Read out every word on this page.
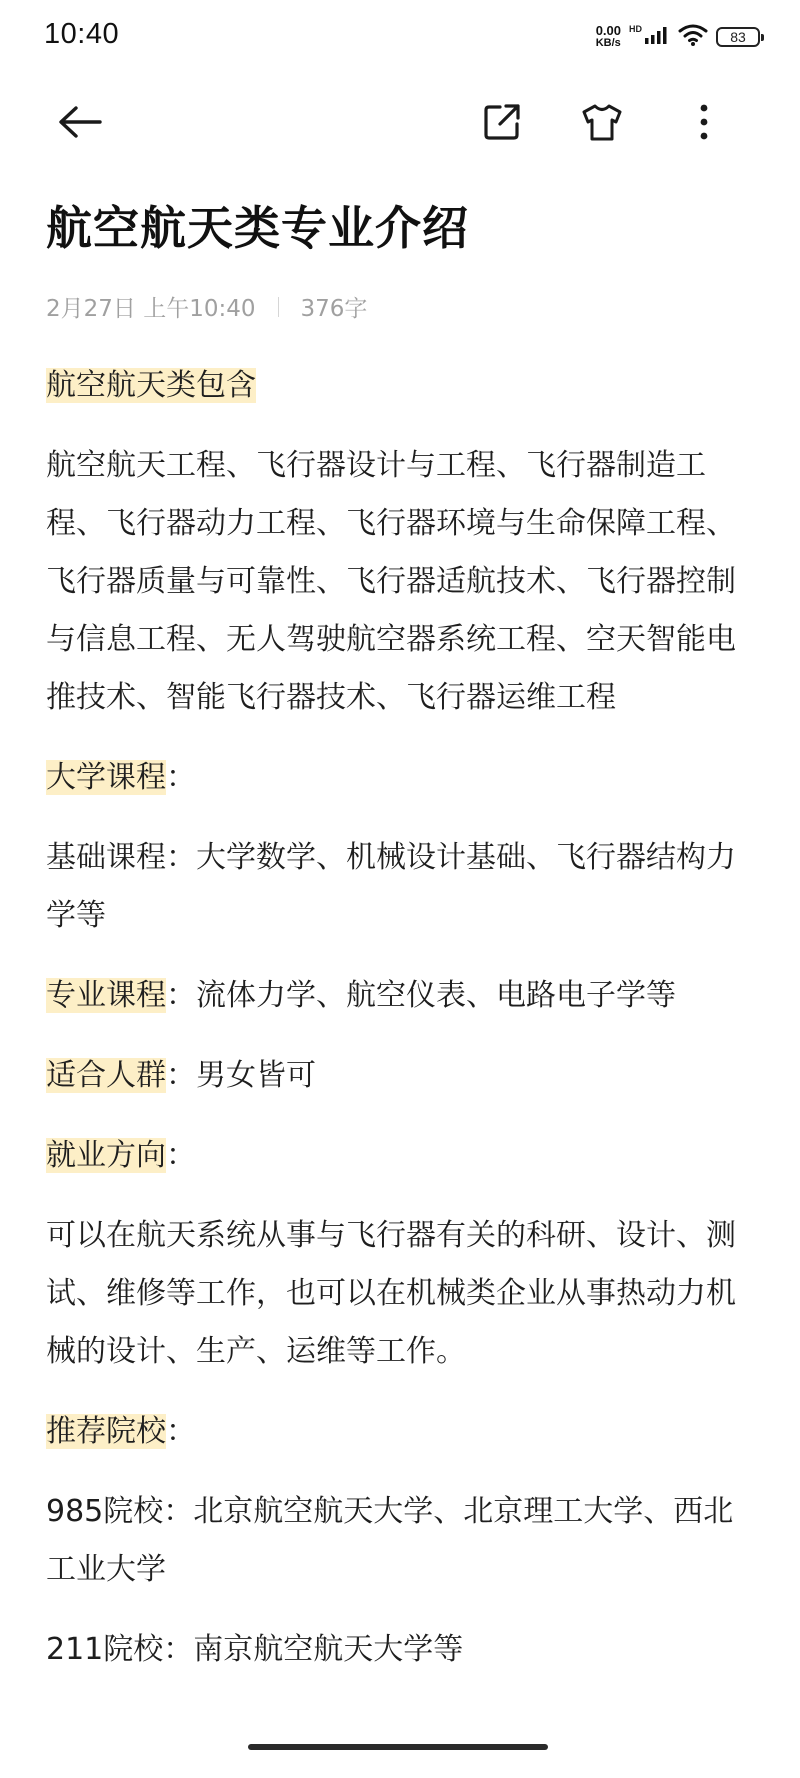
10:40	0.00
KB/s
HD	83
航空航天类专业介绍
2月27日 上午10:40 376字

航空航天类包含

航空航天工程、飞行器设计与工程、飞行器制造工程、飞行器动力工程、飞行器环境与生命保障工程、飞行器质量与可靠性、飞行器适航技术、飞行器控制与信息工程、无人驾驶航空器系统工程、空天智能电推技术、智能飞行器技术、飞行器运维工程

大学课程：

基础课程：大学数学、机械设计基础、飞行器结构力学等

专业课程：流体力学、航空仪表、电路电子学等

适合人群：男女皆可

就业方向：

可以在航天系统从事与飞行器有关的科研、设计、测试、维修等工作，也可以在机械类企业从事热动力机械的设计、生产、运维等工作。

推荐院校：

985院校：北京航空航天大学、北京理工大学、西北工业大学

211院校：南京航空航天大学等
